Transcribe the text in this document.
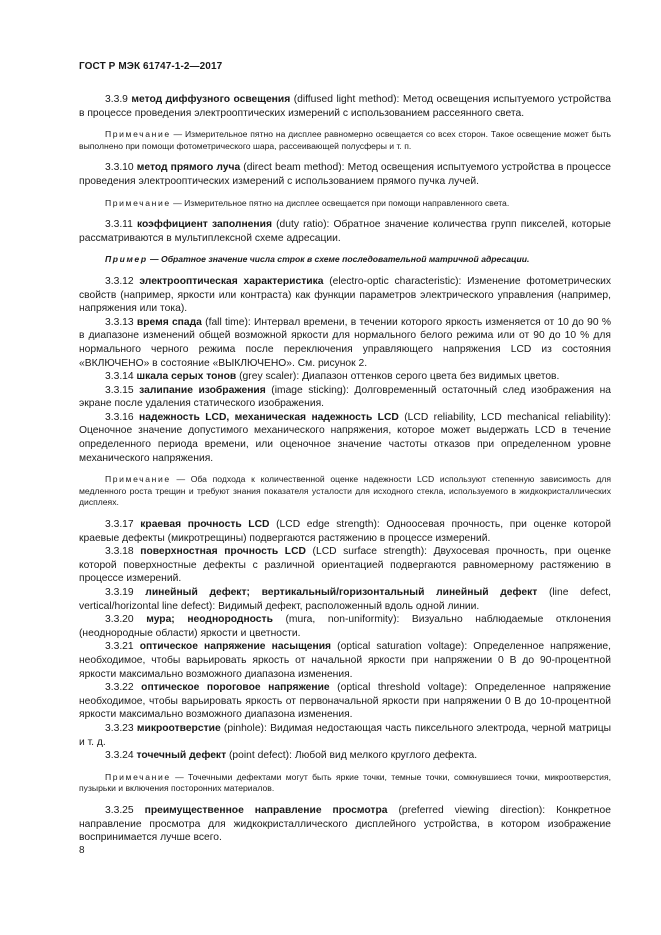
ГОСТ Р МЭК 61747-1-2—2017

3.3.9 метод диффузного освещения (diffused light method): Метод освещения испытуемого устройства в процессе проведения электрооптических измерений с использованием рассеянного света.

Примечание — Измерительное пятно на дисплее равномерно освещается со всех сторон. Такое освещение может быть выполнено при помощи фотометрического шара, рассеивающей полусферы и т. п.

3.3.10 метод прямого луча (direct beam method): Метод освещения испытуемого устройства в процессе проведения электрооптических измерений с использованием прямого пучка лучей.

Примечание — Измерительное пятно на дисплее освещается при помощи направленного света.

3.3.11 коэффициент заполнения (duty ratio): Обратное значение количества групп пикселей, которые рассматриваются в мультиплексной схеме адресации.

Пример — Обратное значение числа строк в схеме последовательной матричной адресации.

3.3.12 электрооптическая характеристика (electro-optic characteristic): Изменение фотометрических свойств (например, яркости или контраста) как функции параметров электрического управления (например, напряжения или тока).

3.3.13 время спада (fall time): Интервал времени, в течении которого яркость изменяется от 10 до 90 % в диапазоне изменений общей возможной яркости для нормального белого режима или от 90 до 10 % для нормального черного режима после переключения управляющего напряжения LCD из состояния «ВКЛЮЧЕНО» в состояние «ВЫКЛЮЧЕНО». См. рисунок 2.

3.3.14 шкала серых тонов (grey scaler): Диапазон оттенков серого цвета без видимых цветов.

3.3.15 залипание изображения (image sticking): Долговременный остаточный след изображения на экране после удаления статического изображения.

3.3.16 надежность LCD, механическая надежность LCD (LCD reliability, LCD mechanical reliability): Оценочное значение допустимого механического напряжения, которое может выдержать LCD в течение определенного периода времени, или оценочное значение частоты отказов при определенном уровне механического напряжения.

Примечание — Оба подхода к количественной оценке надежности LCD используют степенную зависимость для медленного роста трещин и требуют знания показателя усталости для исходного стекла, используемого в жидкокристаллических дисплеях.

3.3.17 краевая прочность LCD (LCD edge strength): Одноосевая прочность, при оценке которой краевые дефекты (микротрещины) подвергаются растяжению в процессе измерений.

3.3.18 поверхностная прочность LCD (LCD surface strength): Двухосевая прочность, при оценке которой поверхностные дефекты с различной ориентацией подвергаются равномерному растяжению в процессе измерений.

3.3.19 линейный дефект; вертикальный/горизонтальный линейный дефект (line defect, vertical/horizontal line defect): Видимый дефект, расположенный вдоль одной линии.

3.3.20 мура; неоднородность (mura, non-uniformity): Визуально наблюдаемые отклонения (неоднородные области) яркости и цветности.

3.3.21 оптическое напряжение насыщения (optical saturation voltage): Определенное напряжение, необходимое, чтобы варьировать яркость от начальной яркости при напряжении 0 В до 90-процентной яркости максимально возможного диапазона изменения.

3.3.22 оптическое пороговое напряжение (optical threshold voltage): Определенное напряжение необходимое, чтобы варьировать яркость от первоначальной яркости при напряжении 0 В до 10-процентной яркости максимально возможного диапазона изменения.

3.3.23 микроотверстие (pinhole): Видимая недостающая часть пиксельного электрода, черной матрицы и т. д.

3.3.24 точечный дефект (point defect): Любой вид мелкого круглого дефекта.

Примечание — Точечными дефектами могут быть яркие точки, темные точки, сомкнувшиеся точки, микроотверстия, пузырьки и включения посторонних материалов.

3.3.25 преимущественное направление просмотра (preferred viewing direction): Конкретное направление просмотра для жидкокристаллического дисплейного устройства, в котором изображение воспринимается лучше всего.

8
